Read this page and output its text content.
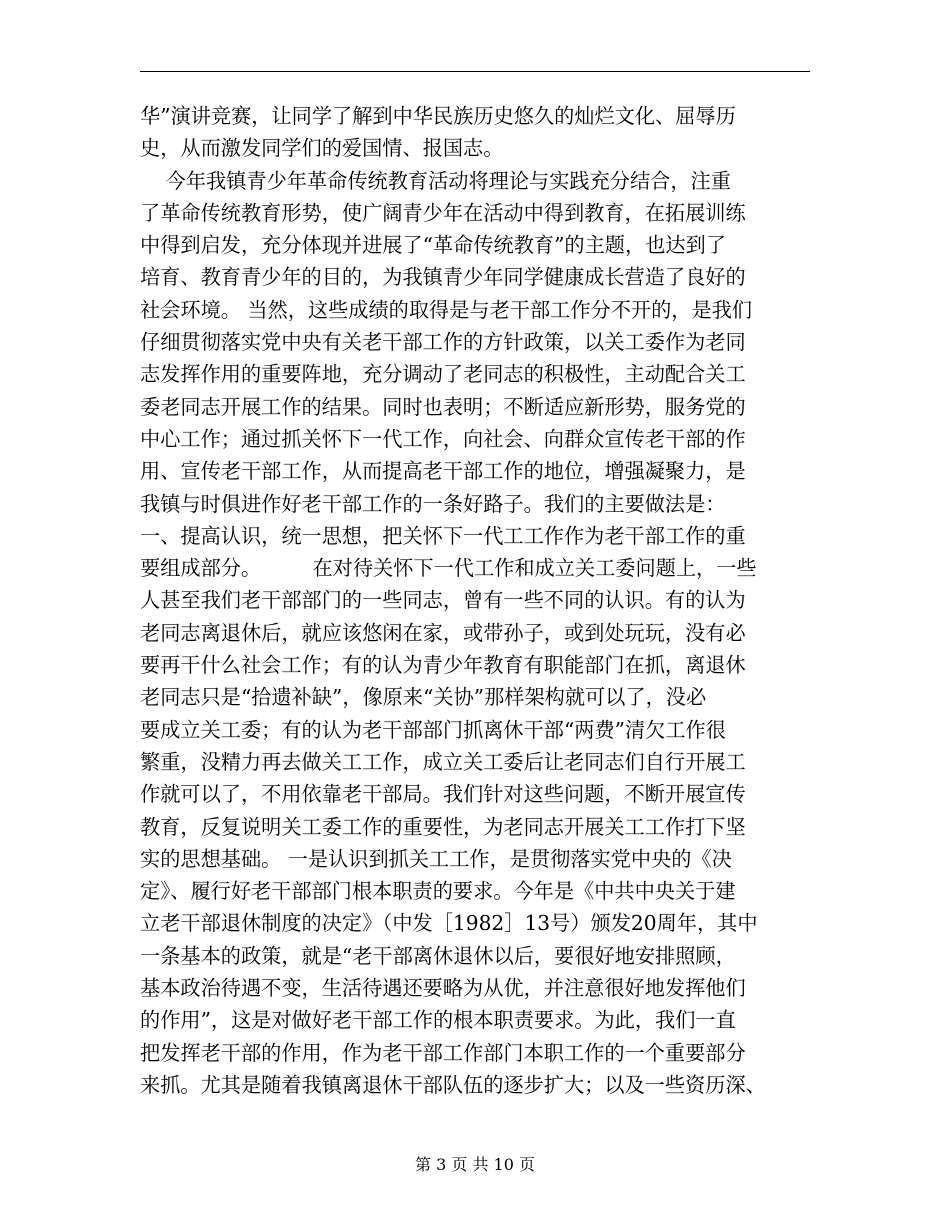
华”演讲竞赛，让同学了解到中华民族历史悠久的灿烂文化、屈辱历
史，从而激发同学们的爱国情、报国志。
今年我镇青少年革命传统教育活动将理论与实践充分结合，注重
了革命传统教育形势，使广阔青少年在活动中得到教育，在拓展训练
中得到启发，充分体现并进展了“革命传统教育”的主题，也达到了
培育、教育青少年的目的，为我镇青少年同学健康成长营造了良好的
社会环境。 当然，这些成绩的取得是与老干部工作分不开的，是我们
仔细贯彻落实党中央有关老干部工作的方针政策，以关工委作为老同
志发挥作用的重要阵地，充分调动了老同志的积极性，主动配合关工
委老同志开展工作的结果。同时也表明；不断适应新形势，服务党的
中心工作；通过抓关怀下一代工作，向社会、向群众宣传老干部的作
用、宣传老干部工作，从而提高老干部工作的地位，增强凝聚力，是
我镇与时俱进作好老干部工作的一条好路子。我们的主要做法是：
一、提高认识，统一思想，把关怀下一代工工作作为老干部工作的重
要组成部分。        在对待关怀下一代工作和成立关工委问题上，一些
人甚至我们老干部部门的一些同志，曾有一些不同的认识。有的认为
老同志离退休后，就应该悠闲在家，或带孙子，或到处玩玩，没有必
要再干什么社会工作；有的认为青少年教育有职能部门在抓，离退休
老同志只是“拾遗补缺”，像原来“关协”那样架构就可以了，没必
要成立关工委；有的认为老干部部门抓离休干部“两费”清欠工作很
繁重，没精力再去做关工工作，成立关工委后让老同志们自行开展工
作就可以了，不用依靠老干部局。我们针对这些问题，不断开展宣传
教育，反复说明关工委工作的重要性，为老同志开展关工工作打下坚
实的思想基础。 一是认识到抓关工工作，是贯彻落实党中央的《决
定》、履行好老干部部门根本职责的要求。今年是《中共中央关于建
立老干部退休制度的决定》（中发［1982］13号）颁发20周年，其中
一条基本的政策，就是“老干部离休退休以后，要很好地安排照顾，
基本政治待遇不变，生活待遇还要略为从优，并注意很好地发挥他们
的作用”，这是对做好老干部工作的根本职责要求。为此，我们一直
把发挥老干部的作用，作为老干部工作部门本职工作的一个重要部分
来抓。尤其是随着我镇离退休干部队伍的逐步扩大；以及一些资历深、
第 3 页 共 10 页
